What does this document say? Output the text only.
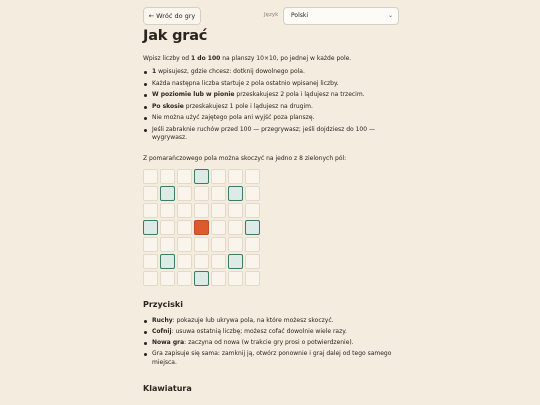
← Wróć do gry	Język	Polski	⌄
Jak grać

Wpisz liczby od 1 do 100 na planszy 10×10, po jednej w każde pole.

1 wpisujesz, gdzie chcesz: dotknij dowolnego pola.
Każda następna liczba startuje z pola ostatnio wpisanej liczby.
W poziomie lub w pionie przeskakujesz 2 pola i lądujesz na trzecim.
Po skosie przeskakujesz 1 pole i lądujesz na drugim.
Nie można użyć zajętego pola ani wyjść poza planszę.
Jeśli zabraknie ruchów przed 100 — przegrywasz; jeśli dojdziesz do 100 — wygrywasz.

Z pomarańczowego pola można skoczyć na jedno z 8 zielonych pól:

Przyciski
Ruchy: pokazuje lub ukrywa pola, na które możesz skoczyć.
Cofnij: usuwa ostatnią liczbę; możesz cofać dowolnie wiele razy.
Nowa gra: zaczyna od nowa (w trakcie gry prosi o potwierdzenie).
Gra zapisuje się sama: zamknij ją, otwórz ponownie i graj dalej od tego samego miejsca.
Klawiatura
